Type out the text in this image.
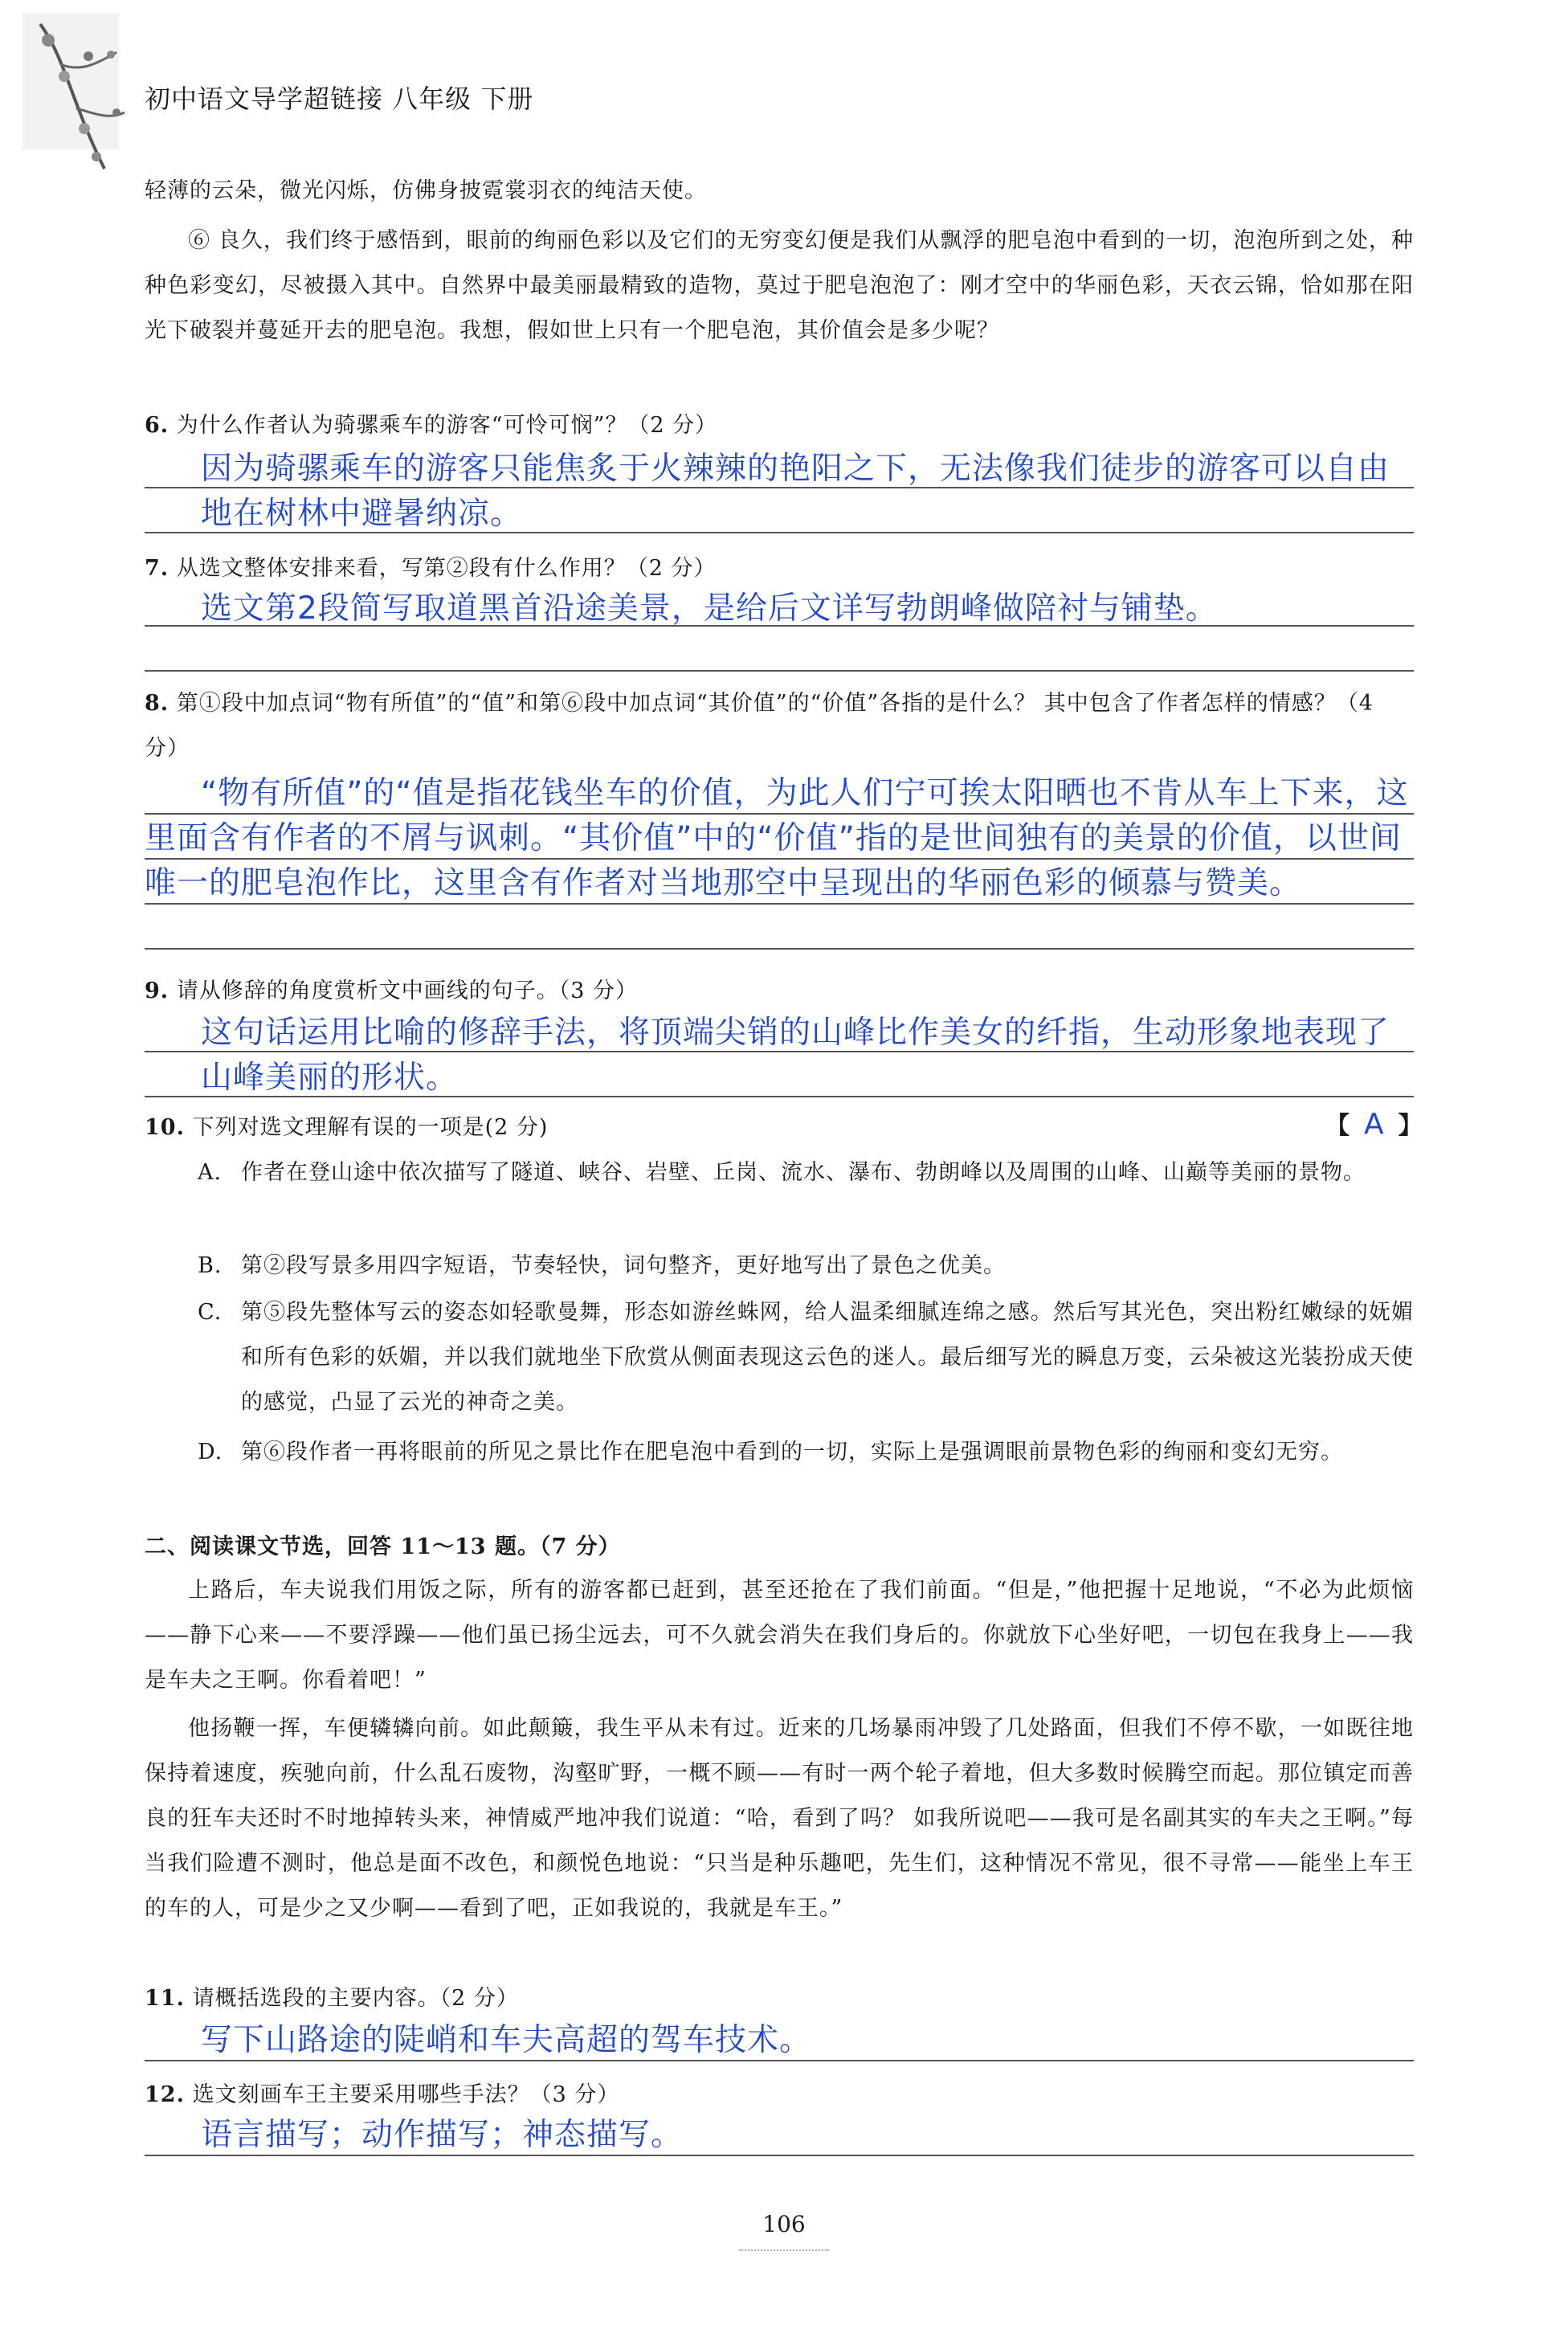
初中语文导学超链接 八年级 下册
轻薄的云朵，微光闪烁，仿佛身披霓裳羽衣的纯洁天使。
⑥ 良久，我们终于感悟到，眼前的绚丽色彩以及它们的无穷变幻便是我们从飘浮的肥皂泡中看到的一切，泡泡所到之处，种种色彩变幻，尽被摄入其中。自然界中最美丽最精致的造物，莫过于肥皂泡泡了：刚才空中的华丽色彩，天衣云锦，恰如那在阳光下破裂并蔓延开去的肥皂泡。我想，假如世上只有一个肥皂泡，其价值会是多少呢？
6. 为什么作者认为骑骡乘车的游客“可怜可悯”？（2 分）
因为骑骡乘车的游客只能焦炙于火辣辣的艳阳之下，无法像我们徒步的游客可以自由地在树林中避暑纳凉。
7. 从选文整体安排来看，写第②段有什么作用？（2 分）
选文第2段简写取道黑首沿途美景，是给后文详写勃朗峰做陪衬与铺垫。
8. 第①段中加点词“物有所值”的“值”和第⑥段中加点词“其价值”的“价值”各指的是什么？ 其中包含了作者怎样的情感？（4 分）
“物有所值”的“值是指花钱坐车的价值，为此人们宁可挨太阳晒也不肯从车上下来，这里面含有作者的不屑与讽刺。“其价值”中的“价值”指的是世间独有的美景的价值，以世间唯一的肥皂泡作比，这里含有作者对当地那空中呈现出的华丽色彩的倾慕与赞美。
9. 请从修辞的角度赏析文中画线的句子。（3 分）
这句话运用比喻的修辞手法，将顶端尖销的山峰比作美女的纤指，生动形象地表现了山峰美丽的形状。
10. 下列对选文理解有误的一项是(2 分)	【 A 】
A. 作者在登山途中依次描写了隧道、峡谷、岩壁、丘岗、流水、瀑布、勃朗峰以及周围的山峰、山巅等美丽的景物。
B. 第②段写景多用四字短语，节奏轻快，词句整齐，更好地写出了景色之优美。
C. 第⑤段先整体写云的姿态如轻歌曼舞，形态如游丝蛛网，给人温柔细腻连绵之感。然后写其光色，突出粉红嫩绿的妩媚和所有色彩的妖媚，并以我们就地坐下欣赏从侧面表现这云色的迷人。最后细写光的瞬息万变，云朵被这光装扮成天使的感觉，凸显了云光的神奇之美。
D. 第⑥段作者一再将眼前的所见之景比作在肥皂泡中看到的一切，实际上是强调眼前景物色彩的绚丽和变幻无穷。
二、阅读课文节选，回答 11～13 题。（7 分）
上路后，车夫说我们用饭之际，所有的游客都已赶到，甚至还抢在了我们前面。“但是，”他把握十足地说，“不必为此烦恼——静下心来——不要浮躁——他们虽已扬尘远去，可不久就会消失在我们身后的。你就放下心坐好吧，一切包在我身上——我是车夫之王啊。你看着吧！”
他扬鞭一挥，车便辚辚向前。如此颠簸，我生平从未有过。近来的几场暴雨冲毁了几处路面，但我们不停不歇，一如既往地保持着速度，疾驰向前，什么乱石废物，沟壑旷野，一概不顾——有时一两个轮子着地，但大多数时候腾空而起。那位镇定而善良的狂车夫还时不时地掉转头来，神情威严地冲我们说道：“哈，看到了吗？ 如我所说吧——我可是名副其实的车夫之王啊。”每当我们险遭不测时，他总是面不改色，和颜悦色地说：“只当是种乐趣吧，先生们，这种情况不常见，很不寻常——能坐上车王的车的人，可是少之又少啊——看到了吧，正如我说的，我就是车王。”
11. 请概括选段的主要内容。（2 分）
写下山路途的陡峭和车夫高超的驾车技术。
12. 选文刻画车王主要采用哪些手法？（3 分）
语言描写；动作描写；神态描写。
106
